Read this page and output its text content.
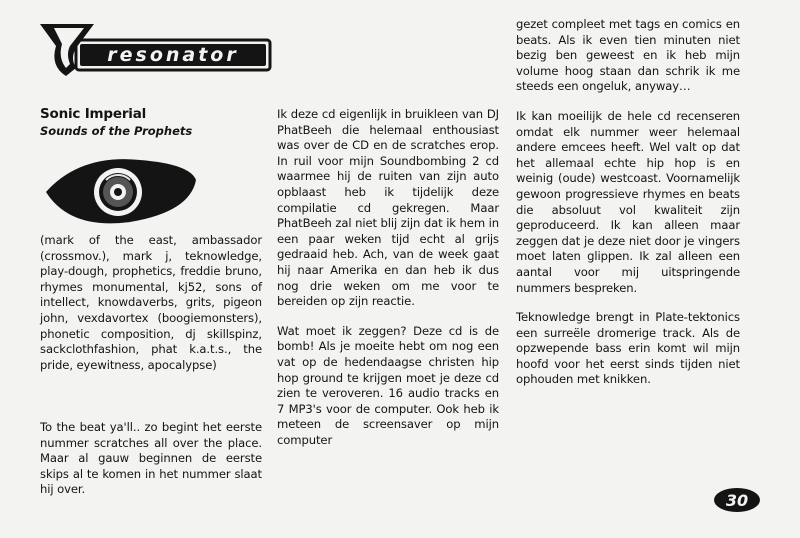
resonator
Sonic Imperial
Sounds of the Prophets

(mark of the east, ambassador (crossmov.), mark j, teknowledge, play-dough, prophetics, freddie bruno, rhymes monumental, kj52, sons of intellect, knowdaverbs, grits, pigeon john, vexdavortex (boogiemonsters), phonetic composition, dj skillspinz, sackclothfashion, phat k.a.t.s., the pride, eyewitness, apocalypse)

To the beat ya'll.. zo begint het eerste nummer scratches all over the place. Maar al gauw beginnen de eerste skips al te komen in het nummer slaat hij over.

Ik deze cd eigenlijk in bruikleen van DJ PhatBeeh die helemaal enthousiast was over de CD en de scratches erop. In ruil voor mijn Soundbombing 2 cd waarmee hij de ruiten van zijn auto opblaast heb ik tijdelijk deze compilatie cd gekregen. Maar PhatBeeh zal niet blij zijn dat ik hem in een paar weken tijd echt al grijs gedraaid heb. Ach, van de week gaat hij naar Amerika en dan heb ik dus nog drie weken om me voor te bereiden op zijn reactie.

Wat moet ik zeggen? Deze cd is de bomb! Als je moeite hebt om nog een vat op de hedendaagse christen hip hop ground te krijgen moet je deze cd zien te veroveren. 16 audio tracks en 7 MP3's voor de computer. Ook heb ik meteen de screensaver op mijn computer

gezet compleet met tags en comics en beats. Als ik even tien minuten niet bezig ben geweest en ik heb mijn volume hoog staan dan schrik ik me steeds een ongeluk, anyway…

Ik kan moeilijk de hele cd recenseren omdat elk nummer weer helemaal andere emcees heeft. Wel valt op dat het allemaal echte hip hop is en weinig (oude) westcoast. Voornamelijk gewoon progressieve rhymes en beats die absoluut vol kwaliteit zijn geproduceerd. Ik kan alleen maar zeggen dat je deze niet door je vingers moet laten glippen. Ik zal alleen een aantal voor mij uitspringende nummers bespreken.

Teknowledge brengt in Plate-tektonics een surreële dromerige track. Als de opzwepende bass erin komt wil mijn hoofd voor het eerst sinds tijden niet ophouden met knikken.

30
